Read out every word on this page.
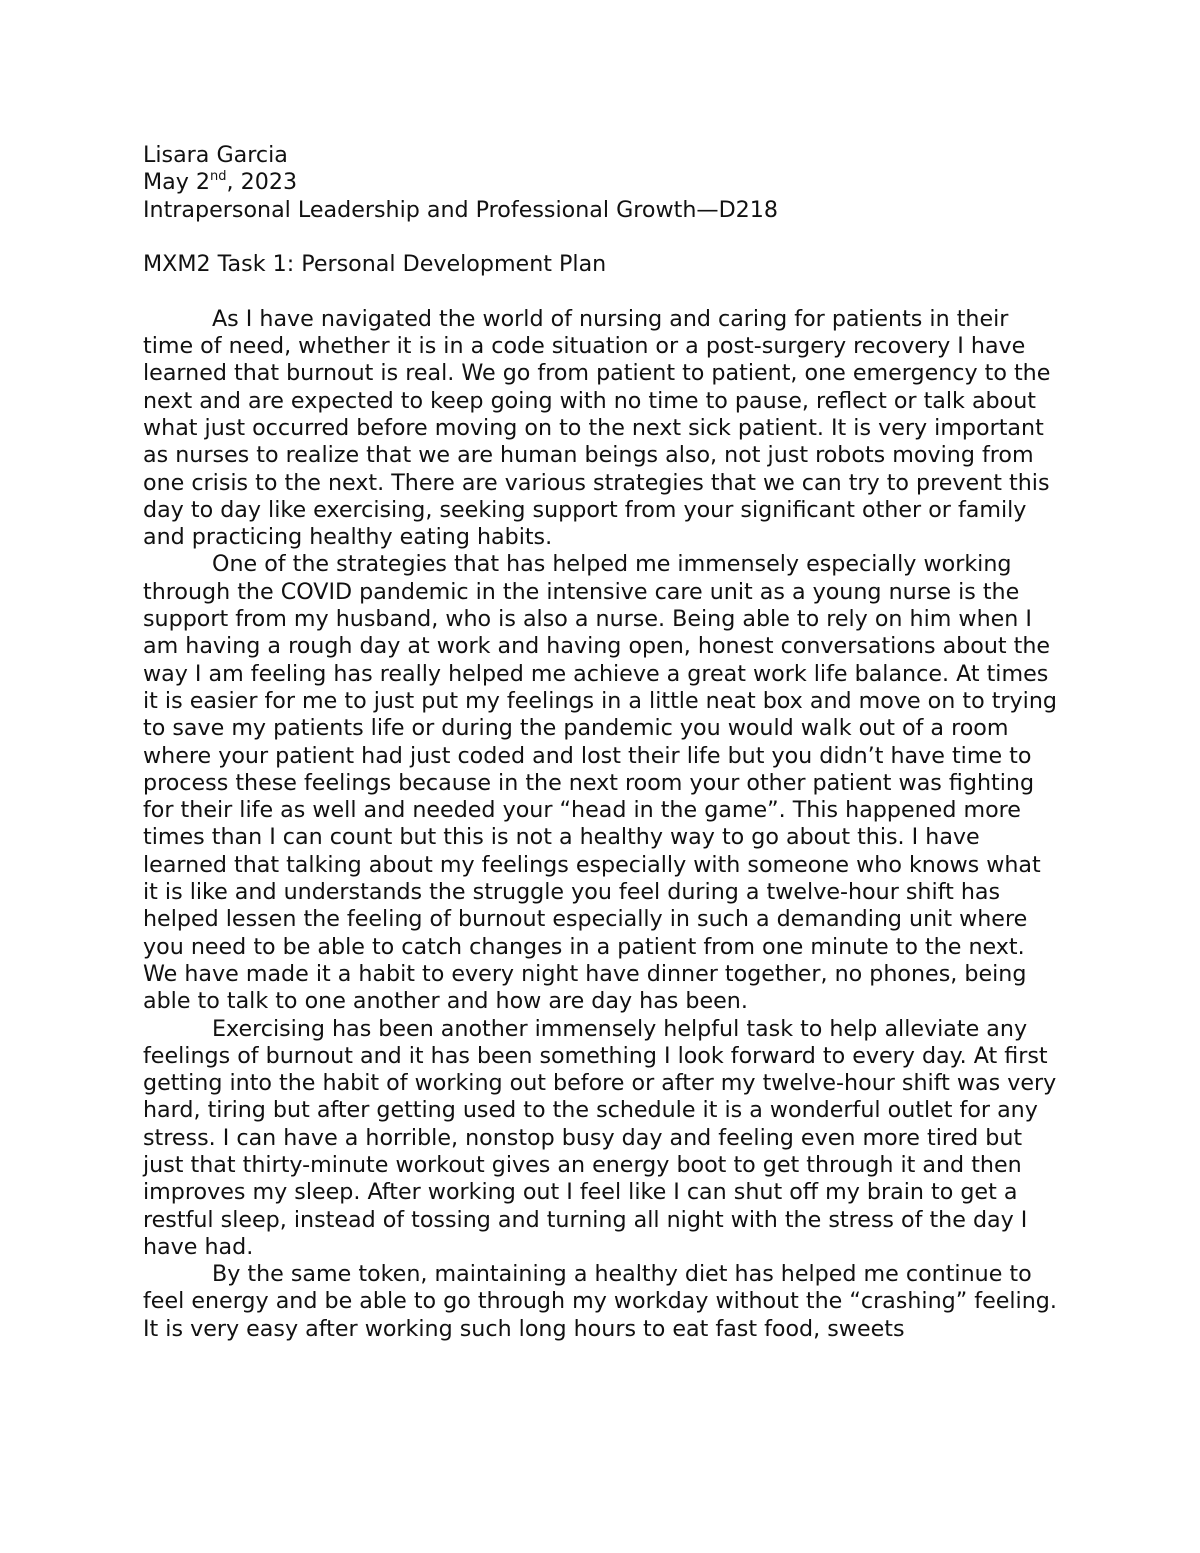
Lisara Garcia

May 2nd, 2023

Intrapersonal Leadership and Professional Growth—D218

MXM2 Task 1: Personal Development Plan

As I have navigated the world of nursing and caring for patients in their time of need, whether it is in a code situation or a post-surgery recovery I have learned that burnout is real. We go from patient to patient, one emergency to the next and are expected to keep going with no time to pause, reflect or talk about what just occurred before moving on to the next sick patient. It is very important as nurses to realize that we are human beings also, not just robots moving from one crisis to the next. There are various strategies that we can try to prevent this day to day like exercising, seeking support from your significant other or family and practicing healthy eating habits.

One of the strategies that has helped me immensely especially working through the COVID pandemic in the intensive care unit as a young nurse is the support from my husband, who is also a nurse. Being able to rely on him when I am having a rough day at work and having open, honest conversations about the way I am feeling has really helped me achieve a great work life balance. At times it is easier for me to just put my feelings in a little neat box and move on to trying to save my patients life or during the pandemic you would walk out of a room where your patient had just coded and lost their life but you didn’t have time to process these feelings because in the next room your other patient was fighting for their life as well and needed your “head in the game”. This happened more times than I can count but this is not a healthy way to go about this. I have learned that talking about my feelings especially with someone who knows what it is like and understands the struggle you feel during a twelve-hour shift has helped lessen the feeling of burnout especially in such a demanding unit where you need to be able to catch changes in a patient from one minute to the next. We have made it a habit to every night have dinner together, no phones, being able to talk to one another and how are day has been.

Exercising has been another immensely helpful task to help alleviate any feelings of burnout and it has been something I look forward to every day. At first getting into the habit of working out before or after my twelve-hour shift was very hard, tiring but after getting used to the schedule it is a wonderful outlet for any stress. I can have a horrible, nonstop busy day and feeling even more tired but just that thirty-minute workout gives an energy boot to get through it and then improves my sleep. After working out I feel like I can shut off my brain to get a restful sleep, instead of tossing and turning all night with the stress of the day I have had.

By the same token, maintaining a healthy diet has helped me continue to feel energy and be able to go through my workday without the “crashing” feeling. It is very easy after working such long hours to eat fast food, sweets
